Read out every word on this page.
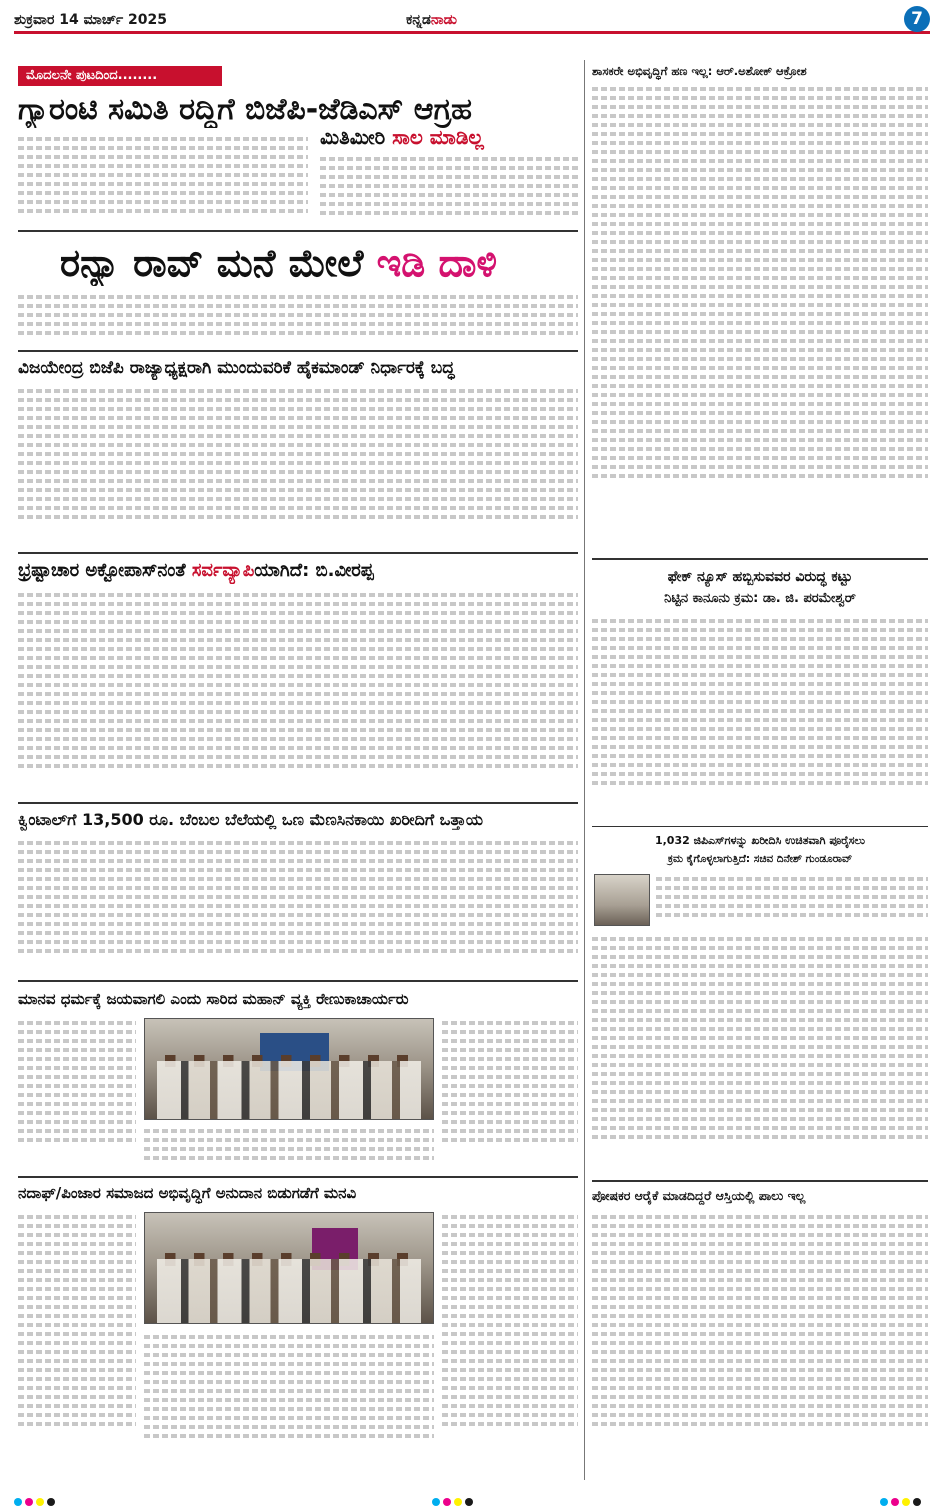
ಶುಕ್ರವಾರ 14 ಮಾರ್ಚ್ 2025	ಕನ್ನಡನಾಡು	7
ಮೊದಲನೇ ಪುಟದಿಂದ........
ಗ್ಯಾರಂಟಿ ಸಮಿತಿ ರದ್ದಿಗೆ ಬಿಜೆಪಿ-ಜೆಡಿಎಸ್ ಆಗ್ರಹ
ಮಿತಿಮೀರಿ ಸಾಲ ಮಾಡಿಲ್ಲ
ರನ್ಯಾ ರಾವ್ ಮನೆ ಮೇಲೆ ಇಡಿ ದಾಳಿ
ವಿಜಯೇಂದ್ರ ಬಿಜೆಪಿ ರಾಜ್ಯಾಧ್ಯಕ್ಷರಾಗಿ ಮುಂದುವರಿಕೆ ಹೈಕಮಾಂಡ್ ನಿರ್ಧಾರಕ್ಕೆ ಬದ್ಧ
ಭ್ರಷ್ಟಾಚಾರ ಅಕ್ಟೋಪಾಸ್‌ನಂತೆ ಸರ್ವವ್ಯಾಪಿಯಾಗಿದೆ: ಬಿ.ವೀರಪ್ಪ
ಕ್ವಿಂಟಾಲ್‌ಗೆ 13,500 ರೂ. ಬೆಂಬಲ ಬೆಲೆಯಲ್ಲಿ ಒಣ ಮೆಣಸಿನಕಾಯಿ ಖರೀದಿಗೆ ಒತ್ತಾಯ
ಮಾನವ ಧರ್ಮಕ್ಕೆ ಜಯವಾಗಲಿ ಎಂದು ಸಾರಿದ ಮಹಾನ್ ವ್ಯಕ್ತಿ ರೇಣುಕಾಚಾರ್ಯರು
ನದಾಫ್/ಪಿಂಜಾರ ಸಮಾಜದ ಅಭಿವೃದ್ಧಿಗೆ ಅನುದಾನ ಬಿಡುಗಡೆಗೆ ಮನವಿ
ಶಾಸಕರೇ ಅಭಿವೃದ್ಧಿಗೆ ಹಣ ಇಲ್ಲ: ಆರ್.ಅಶೋಕ್ ಆಕ್ರೋಶ
ಫೇಕ್ ನ್ಯೂಸ್ ಹಬ್ಬಿಸುವವರ ವಿರುದ್ಧ ಕಟ್ಟು
ನಿಟ್ಟಿನ ಕಾನೂನು ಕ್ರಮ: ಡಾ. ಜಿ. ಪರಮೇಶ್ವರ್
1,032 ಜಿಪಿಎಸ್‌ಗಳನ್ನು ಖರೀದಿಸಿ ಉಚಿತವಾಗಿ ಪೂರೈಸಲು
ಕ್ರಮ ಕೈಗೊಳ್ಳಲಾಗುತ್ತಿದೆ: ಸಚಿವ ದಿನೇಶ್ ಗುಂಡೂರಾವ್
ಪೋಷಕರ ಆರೈಕೆ ಮಾಡದಿದ್ದರೆ ಆಸ್ತಿಯಲ್ಲಿ ಪಾಲು ಇಲ್ಲ
